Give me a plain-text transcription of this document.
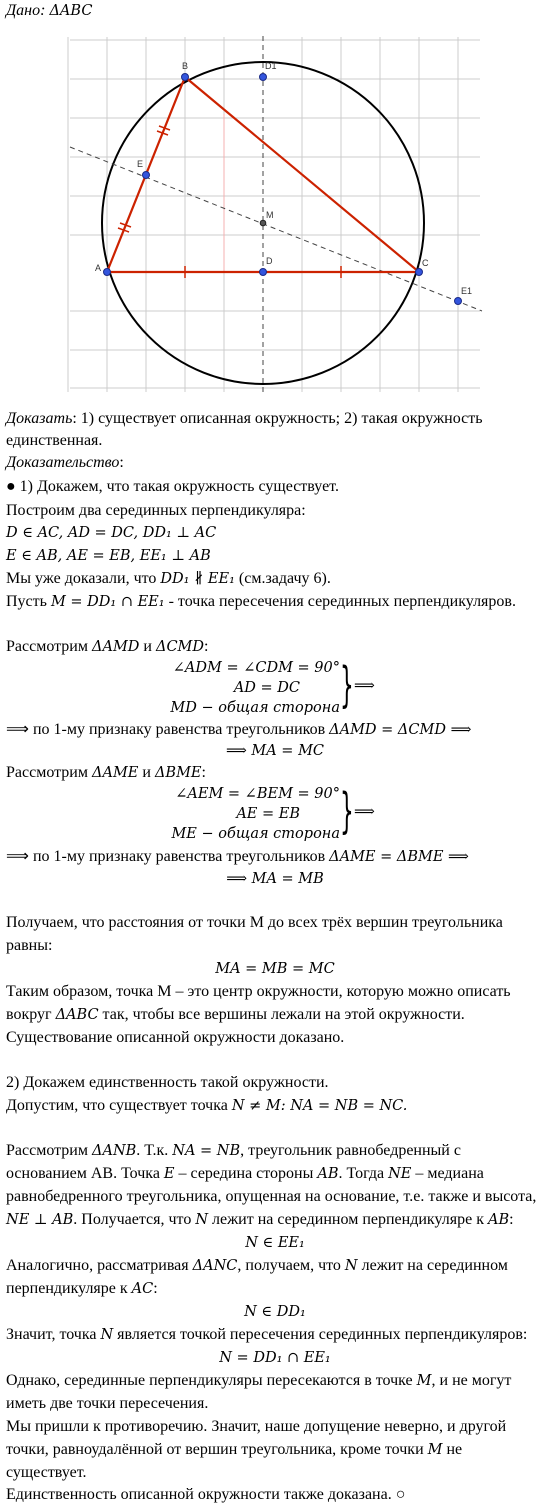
Дано: ΔABC
A
B
C
D
D1
E
E1
M
Доказать: 1) существует описанная окружность; 2) такая окружность
единственная.
Доказательство:
● 1) Докажем, что такая окружность существует.
Построим два серединных перпендикуляра:
D ∈ AC, AD = DC, DD₁ ⊥ AC
E ∈ AB, AE = EB, EE₁ ⊥ AB
Мы уже доказали, что DD₁ ∦ EE₁ (см.задачу 6).
Пусть M = DD₁ ∩ EE₁ - точка пересечения серединных перпендикуляров.
Рассмотрим ΔAMD и ΔCMD:
∠ADM = ∠CDM = 90°
AD = DC
MD − общая сторона } ⟹
⟹ по 1-му признаку равенства треугольников ΔAMD = ΔCMD ⟹
⟹ MA = MC
Рассмотрим ΔAME и ΔBME:
∠AEM = ∠BEM = 90°
AE = EB
ME − общая сторона } ⟹
⟹ по 1-му признаку равенства треугольников ΔAME = ΔBME ⟹
⟹ MA = MB
Получаем, что расстояния от точки M до всех трёх вершин треугольника
равны:
MA = MB = MC
Таким образом, точка M – это центр окружности, которую можно описать
вокруг ΔABC так, чтобы все вершины лежали на этой окружности.
Существование описанной окружности доказано.
2) Докажем единственность такой окружности.
Допустим, что существует точка N ≠ M: NA = NB = NC.
Рассмотрим ΔANB. Т.к. NA = NB, треугольник равнобедренный с
основанием AB. Точка E – середина стороны AB. Тогда NE – медиана
равнобедренного треугольника, опущенная на основание, т.е. также и высота,
NE ⊥ AB. Получается, что N лежит на серединном перпендикуляре к AB:
N ∈ EE₁
Аналогично, рассматривая ΔANC, получаем, что N лежит на серединном
перпендикуляре к AC:
N ∈ DD₁
Значит, точка N является точкой пересечения серединных перпендикуляров:
N = DD₁ ∩ EE₁
Однако, серединные перпендикуляры пересекаются в точке M, и не могут
иметь две точки пересечения.
Мы пришли к противоречию. Значит, наше допущение неверно, и другой
точки, равноудалённой от вершин треугольника, кроме точки M не
существует.
Единственность описанной окружности также доказана. ○
